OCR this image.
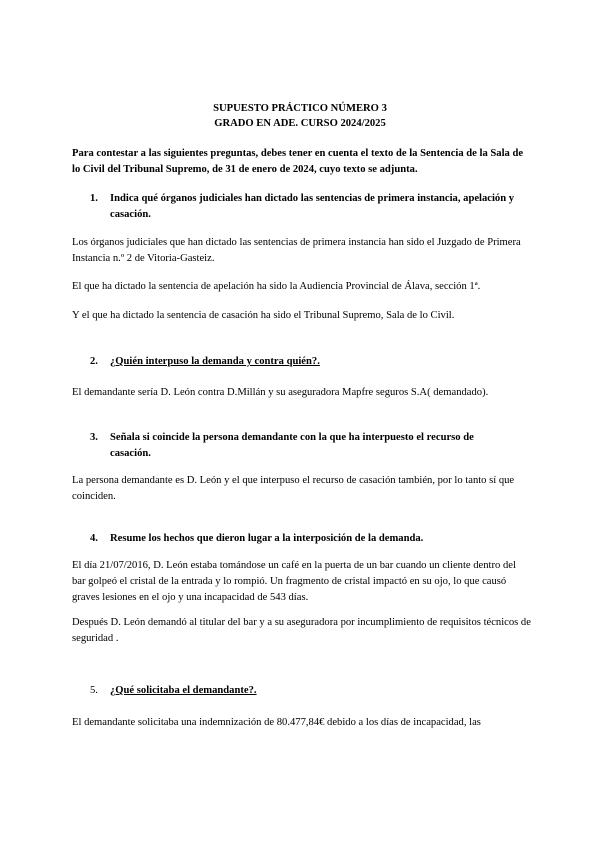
SUPUESTO PRÁCTICO NÚMERO 3
GRADO EN ADE. CURSO 2024/2025

Para contestar a las siguientes preguntas, debes tener en cuenta el texto de la Sentencia de la Sala de lo Civil del Tribunal Supremo, de 31 de enero de 2024, cuyo texto se adjunta.

1. Indica qué órganos judiciales han dictado las sentencias de primera instancia, apelación y
casación.

Los órganos judiciales que han dictado las sentencias de primera instancia han sido el Juzgado de Primera Instancia n.º 2 de Vitoria-Gasteiz.

El que ha dictado la sentencia de apelación ha sido la Audiencia Provincial de Álava, sección 1ª.

Y el que ha dictado la sentencia de casación ha sido el Tribunal Supremo, Sala de lo Civil.

2. ¿Quién interpuso la demanda y contra quién?.

El demandante sería D. León contra D.Millán y su aseguradora Mapfre seguros S.A( demandado).

3. Señala si coincide la persona demandante con la que ha interpuesto el recurso de
casación.

La persona demandante es D. León y el que interpuso el recurso de casación también, por lo tanto sí que coinciden.

4. Resume los hechos que dieron lugar a la interposición de la demanda.

El día 21/07/2016, D. León estaba tomándose un café en la puerta de un bar cuando un cliente dentro del bar golpeó el cristal de la entrada y lo rompió. Un fragmento de cristal impactó en su ojo, lo que causó graves lesiones en el ojo y una incapacidad de 543 días.

Después D. León demandó al titular del bar y a su aseguradora por incumplimiento de requisitos técnicos de seguridad .

5. ¿Qué solicitaba el demandante?.

El demandante solicitaba una indemnización de 80.477,84€ debido a los días de incapacidad, las
